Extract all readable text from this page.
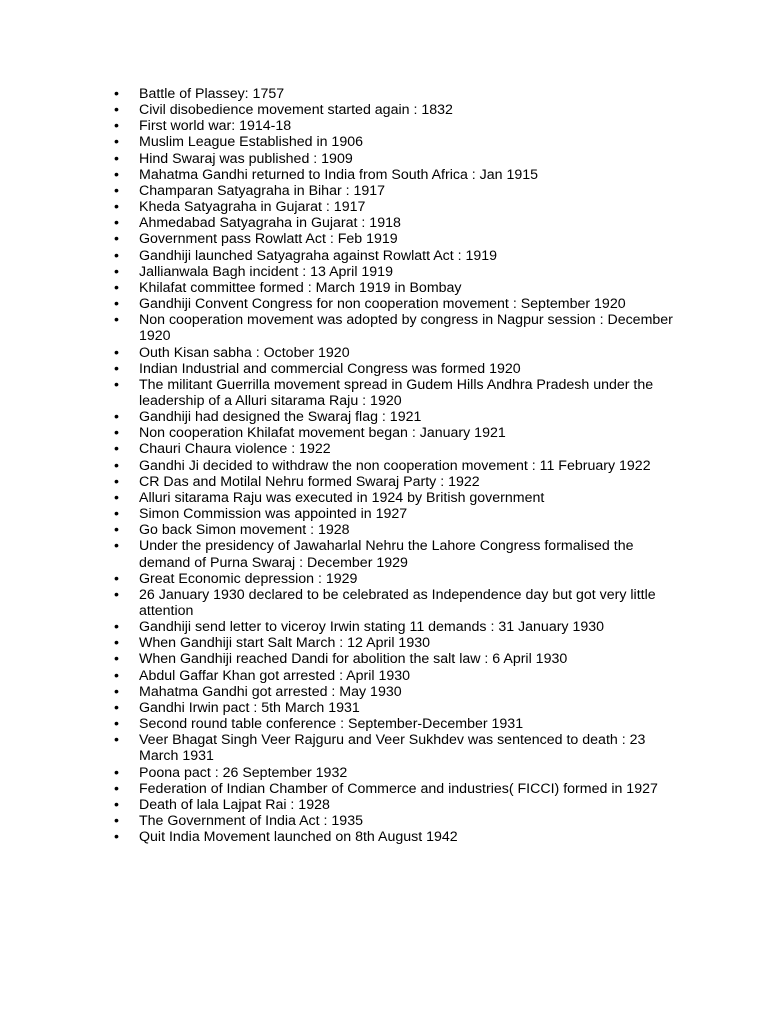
•
Battle of Plassey: 1757
•
Civil disobedience movement started again : 1832
•
First world war: 1914-18
•
Muslim League Established in 1906
•
Hind Swaraj was published : 1909
•
Mahatma Gandhi returned to India from South Africa : Jan 1915
•
Champaran Satyagraha in Bihar : 1917
•
Kheda Satyagraha in Gujarat : 1917
•
Ahmedabad Satyagraha in Gujarat : 1918
•
Government pass Rowlatt Act : Feb 1919
•
Gandhiji launched Satyagraha against Rowlatt Act : 1919
•
Jallianwala Bagh incident : 13 April 1919
•
Khilafat committee formed : March 1919 in Bombay
•
Gandhiji Convent Congress for non cooperation movement : September 1920
•
Non cooperation movement was adopted by congress in Nagpur session : December 1920
•
Outh Kisan sabha : October 1920
•
Indian Industrial and commercial Congress was formed 1920
•
The militant Guerrilla movement spread in Gudem Hills Andhra Pradesh under the leadership of a Alluri sitarama Raju : 1920
•
Gandhiji had designed the Swaraj flag : 1921
•
Non cooperation Khilafat movement began : January 1921
•
Chauri Chaura violence : 1922
•
Gandhi Ji decided to withdraw the non cooperation movement : 11 February 1922
•
CR Das and Motilal Nehru formed Swaraj Party : 1922
•
Alluri sitarama Raju was executed in 1924 by British government
•
Simon Commission was appointed in 1927
•
Go back Simon movement : 1928
•
Under the presidency of Jawaharlal Nehru the Lahore Congress formalised the demand of Purna Swaraj : December 1929
•
Great Economic depression : 1929
•
26 January 1930 declared to be celebrated as Independence day but got very little attention
•
Gandhiji send letter to viceroy Irwin stating 11 demands : 31 January 1930
•
When Gandhiji start Salt March : 12 April 1930
•
When Gandhiji reached Dandi for abolition the salt law : 6 April 1930
•
Abdul Gaffar Khan got arrested : April 1930
•
Mahatma Gandhi got arrested : May 1930
•
Gandhi Irwin pact : 5th March 1931
•
Second round table conference : September-December 1931
•
Veer Bhagat Singh Veer Rajguru and Veer Sukhdev was sentenced to death : 23 March 1931
•
Poona pact : 26 September 1932
•
Federation of Indian Chamber of Commerce and industries( FICCI) formed in 1927
•
Death of lala Lajpat Rai : 1928
•
The Government of India Act : 1935
•
Quit India Movement launched on 8th August 1942
